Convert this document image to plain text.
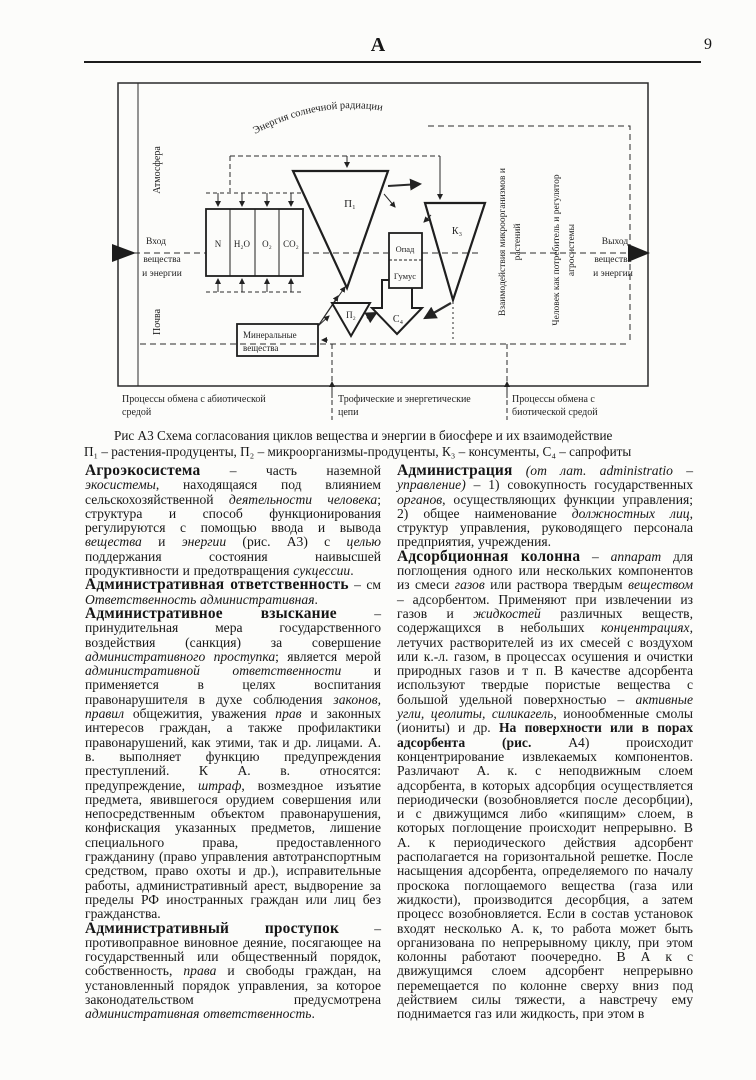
А	9
N H₂O O₂ CO₂
П₁
К₃
С₄
Опад
Гумус
П₂
Минеральные
вещества
Энергия солнечной радиации
Атмосфера
Почва
Вход
вещества
и энергии
Выход
вещества
и энергии
Взаимодействия микроорганизмов и растений	Человек как потребитель и регулятор агросистемы
Процессы обмена с абиотической
средой
Трофические и энергетические
цепи
Процессы обмена с
биотической средой
Рис А3 Схема согласования циклов вещества и энергии в биосфере и их взаимодействие
П₁ – растения-продуценты, П₂ – микроорганизмы-продуценты, К₃ – консументы, С₄ – сапрофиты

Агроэкосистема – часть наземной экосистемы, находящаяся под влиянием сельскохозяйственной деятельности человека; структура и способ функционирования регулируются с помощью ввода и вывода вещества и энергии (рис. А3) с целью поддержания состояния наивысшей продуктивности и предотвращения сукцессии.

Административная ответственность – см Ответственность административная.

Административное взыскание – принудительная мера государственного воздействия (санкция) за совершение административного проступка; является мерой административной ответственности и применяется в целях воспитания правонарушителя в духе соблюдения законов, правил общежития, уважения прав и законных интересов граждан, а также профилактики правонарушений, как этими, так и др. лицами. А. в. выполняет функцию предупреждения преступлений. К А. в. относятся: предупреждение, штраф, возмездное изъятие предмета, явившегося орудием совершения или непосредственным объектом правонарушения, конфискация указанных предметов, лишение специального права, предоставленного гражданину (право управления автотранспортным средством, право охоты и др.), исправительные работы, административный арест, выдворение за пределы РФ иностранных граждан или лиц без гражданства.

Административный проступок – противоправное виновное деяние, посягающее на государственный или общественный порядок, собственность, права и свободы граждан, на установленный порядок управления, за которое законодательством предусмотрена административная ответственность.

Администрация (от лат. administratio – управление) – 1) совокупность государственных органов, осуществляющих функции управления; 2) общее наименование должностных лиц, структур управления, руководящего персонала предприятия, учреждения.

Адсорбционная колонна – аппарат для поглощения одного или нескольких компонентов из смеси газов или раствора твердым веществом – адсорбентом. Применяют при извлечении из газов и жидкостей различных веществ, содержащихся в небольших концентрациях, летучих растворителей из их смесей с воздухом или к.-л. газом, в процессах осушения и очистки природных газов и т п. В качестве адсорбента используют твердые пористые вещества с большой удельной поверхностью – активные угли, цеолиты, силикагель, ионообменные смолы (иониты) и др. На поверхности или в порах адсорбента (рис. А4) происходит концентрирование извлекаемых компонентов. Различают А. к. с неподвижным слоем адсорбента, в которых адсорбция осуществляется периодически (возобновляется после десорбции), и с движущимся либо «кипящим» слоем, в которых поглощение происходит непрерывно. В А. к периодического действия адсорбент располагается на горизонтальной решетке. После насыщения адсорбента, определяемого по началу проскока поглощаемого вещества (газа или жидкости), производится десорбция, а затем процесс возобновляется. Если в состав установок входят несколько А. к, то работа может быть организована по непрерывному циклу, при этом колонны работают поочередно. В А к с движущимся слоем адсорбент непрерывно перемещается по колонне сверху вниз под действием силы тяжести, а навстречу ему поднимается газ или жидкость, при этом в
